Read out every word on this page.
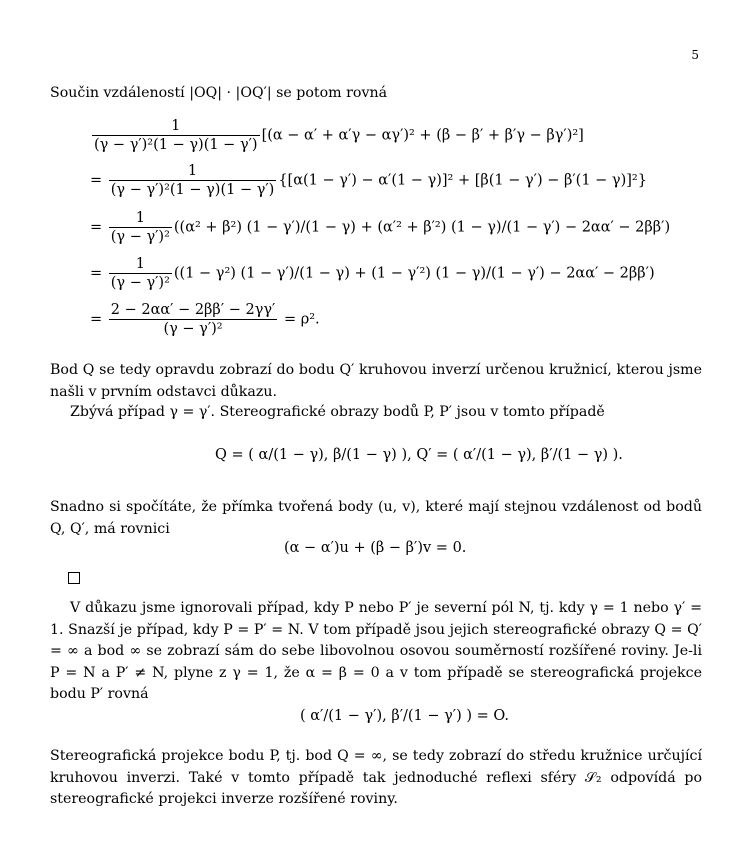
5
Součin vzdáleností |OQ| · |OQ′| se potom rovná
$\frac{1}{\text{(γ − γ′)²(1 − γ)(1 − γ′)}} [(\alpha - \alpha' + \alpha'\gamma - \alpha\gamma')^2 + (\beta - \beta' + \beta'\gamma - \beta\gamma')^2]$
= $\frac{1}{\text{(γ − γ′)²(1 − γ)(1 − γ′)}} \{[\alpha(1 - \gamma') - \alpha'(1 - \gamma)]^2 + [\beta(1 - \gamma') - \beta'(1 - \gamma)]^2\}$
= $\frac{1}{\text{(γ − γ′)²}} ((\alpha^2 + \beta^2) (1 - \gamma')/(1 - \gamma) + (\alpha'^2 + \beta'^2) (1 - \gamma)/(1 - \gamma') - 2\alpha\alpha' - 2\beta\beta')$
= $\frac{1}{\text{(γ − γ′)²}} ((1 - \gamma^2) (1 - \gamma')/(1 - \gamma) + (1 - \gamma'^2) (1 - \gamma)/(1 - \gamma') - 2\alpha\alpha' - 2\beta\beta')$
= $\frac{2 - 2\alpha\alpha' - 2\beta\beta' - 2\gamma\gamma'}{\text{(γ − γ′)²}} = \rho^2$.
Bod Q se tedy opravdu zobrazí do bodu Q′ kruhovou inverzí určenou kružnicí, kterou jsme našli v prvním odstavci důkazu.
Zbývá případ γ = γ′. Stereografické obrazy bodů P, P′ jsou v tomto případě
Q = ( α/(1 − γ), β/(1 − γ) ), Q′ = ( α′/(1 − γ), β′/(1 − γ) ).
Snadno si spočítáte, že přímka tvořená body (u, v), které mají stejnou vzdálenost od bodů Q, Q′, má rovnici
(α − α′)u + (β − β′)v = 0.
V důkazu jsme ignorovali případ, kdy P nebo P′ je severní pól N, tj. kdy γ = 1 nebo γ′ = 1. Snazší je případ, kdy P = P′ = N. V tom případě jsou jejich stereografické obrazy Q = Q′ = ∞ a bod ∞ se zobrazí sám do sebe libovolnou osovou souměrností rozšířené roviny. Je-li P = N a P′ ≠ N, plyne z γ = 1, že α = β = 0 a v tom případě se stereografická projekce bodu P′ rovná
( α′/(1 − γ′), β′/(1 − γ′) ) = O.
Stereografická projekce bodu P, tj. bod Q = ∞, se tedy zobrazí do středu kružnice určující kruhovou inverzi. Také v tomto případě tak jednoduché reflexi sféry 𝒮₂ odpovídá po stereografické projekci inverze rozšířené roviny.
